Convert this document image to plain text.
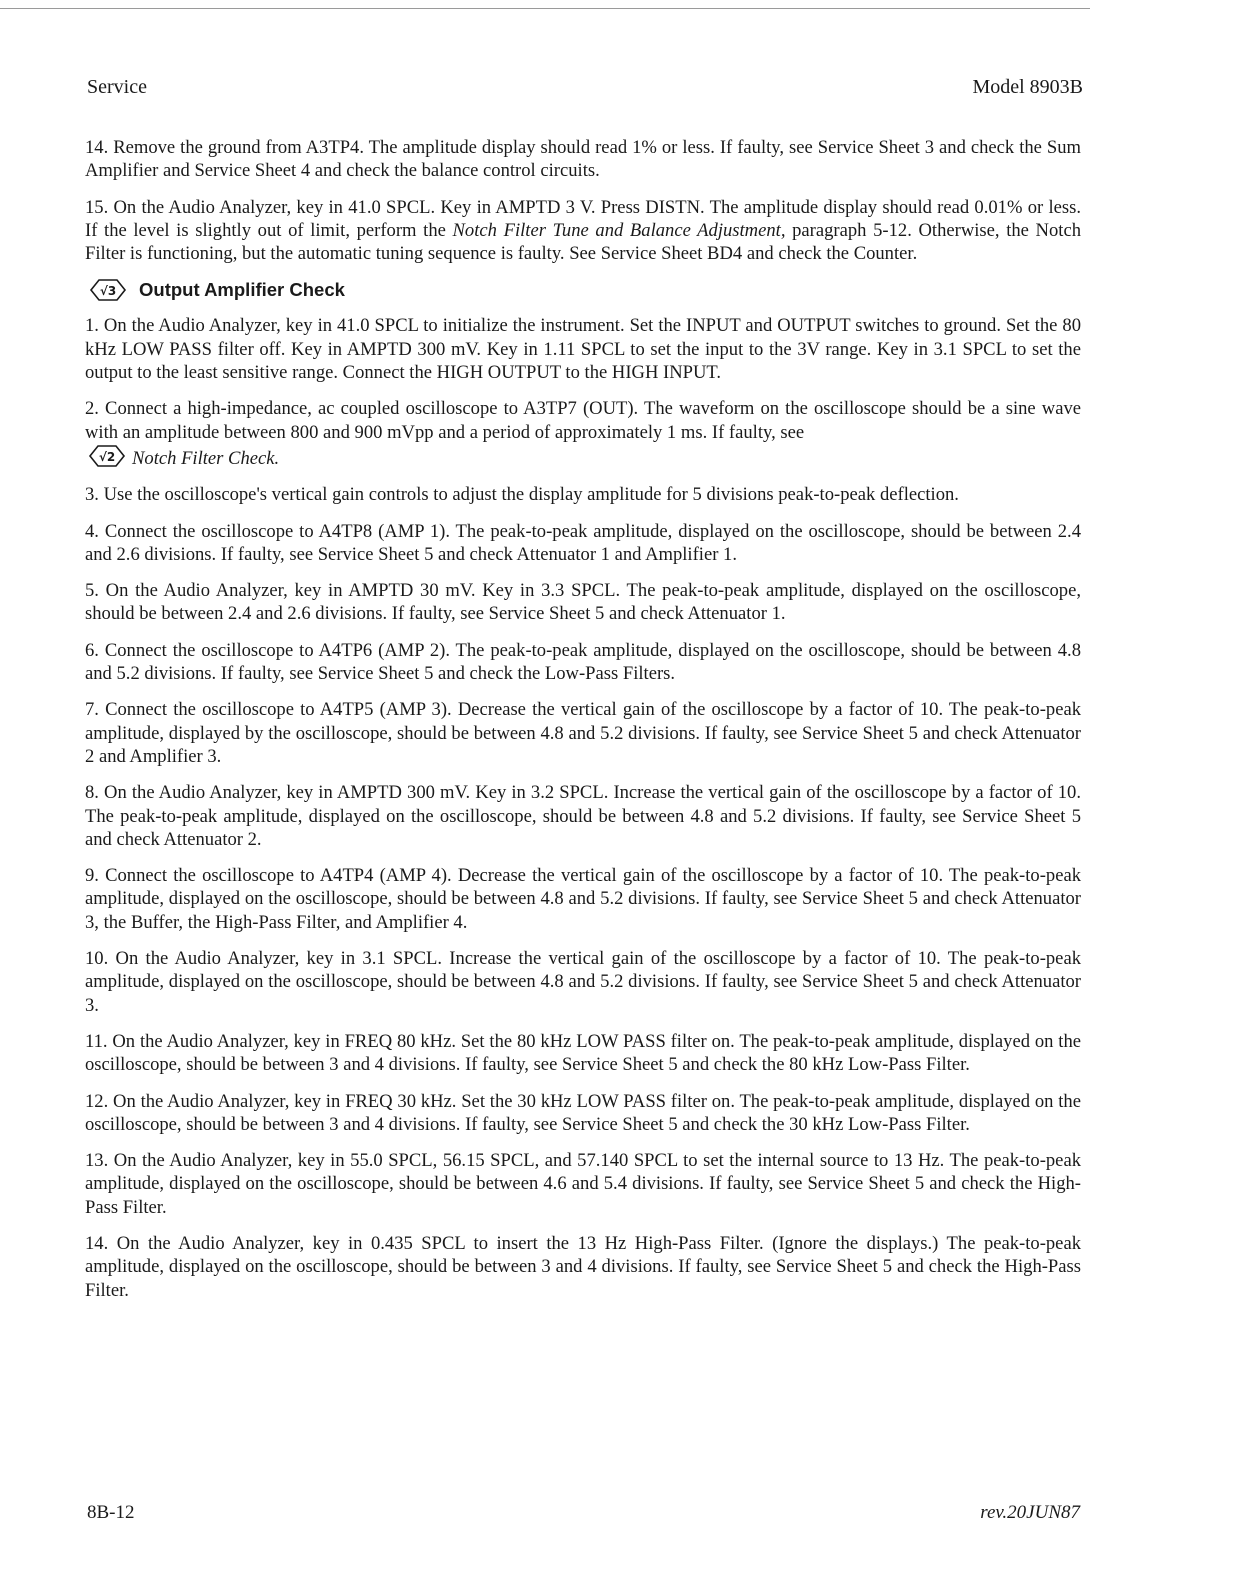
Service	Model 8903B

14. Remove the ground from A3TP4. The amplitude display should read 1% or less. If faulty, see Service Sheet 3 and check the Sum Amplifier and Service Sheet 4 and check the balance control circuits.

15. On the Audio Analyzer, key in 41.0 SPCL. Key in AMPTD 3 V. Press DISTN. The amplitude display should read 0.01% or less. If the level is slightly out of limit, perform the Notch Filter Tune and Balance Adjustment, paragraph 5-12. Otherwise, the Notch Filter is functioning, but the automatic tuning sequence is faulty. See Service Sheet BD4 and check the Counter.

√3 Output Amplifier Check

1. On the Audio Analyzer, key in 41.0 SPCL to initialize the instrument. Set the INPUT and OUTPUT switches to ground. Set the 80 kHz LOW PASS filter off. Key in AMPTD 300 mV. Key in 1.11 SPCL to set the input to the 3V range. Key in 3.1 SPCL to set the output to the least sensitive range. Connect the HIGH OUTPUT to the HIGH INPUT.

2. Connect a high-impedance, ac coupled oscilloscope to A3TP7 (OUT). The waveform on the oscilloscope should be a sine wave with an amplitude between 800 and 900 mVpp and a period of approximately 1 ms. If faulty, see

√2 Notch Filter Check.

3. Use the oscilloscope's vertical gain controls to adjust the display amplitude for 5 divisions peak-to-peak deflection.

4. Connect the oscilloscope to A4TP8 (AMP 1). The peak-to-peak amplitude, displayed on the oscilloscope, should be between 2.4 and 2.6 divisions. If faulty, see Service Sheet 5 and check Attenuator 1 and Amplifier 1.

5. On the Audio Analyzer, key in AMPTD 30 mV. Key in 3.3 SPCL. The peak-to-peak amplitude, displayed on the oscilloscope, should be between 2.4 and 2.6 divisions. If faulty, see Service Sheet 5 and check Attenuator 1.

6. Connect the oscilloscope to A4TP6 (AMP 2). The peak-to-peak amplitude, displayed on the oscilloscope, should be between 4.8 and 5.2 divisions. If faulty, see Service Sheet 5 and check the Low-Pass Filters.

7. Connect the oscilloscope to A4TP5 (AMP 3). Decrease the vertical gain of the oscilloscope by a factor of 10. The peak-to-peak amplitude, displayed by the oscilloscope, should be between 4.8 and 5.2 divisions. If faulty, see Service Sheet 5 and check Attenuator 2 and Amplifier 3.

8. On the Audio Analyzer, key in AMPTD 300 mV. Key in 3.2 SPCL. Increase the vertical gain of the oscilloscope by a factor of 10. The peak-to-peak amplitude, displayed on the oscilloscope, should be between 4.8 and 5.2 divisions. If faulty, see Service Sheet 5 and check Attenuator 2.

9. Connect the oscilloscope to A4TP4 (AMP 4). Decrease the vertical gain of the oscilloscope by a factor of 10. The peak-to-peak amplitude, displayed on the oscilloscope, should be between 4.8 and 5.2 divisions. If faulty, see Service Sheet 5 and check Attenuator 3, the Buffer, the High-Pass Filter, and Amplifier 4.

10. On the Audio Analyzer, key in 3.1 SPCL. Increase the vertical gain of the oscilloscope by a factor of 10. The peak-to-peak amplitude, displayed on the oscilloscope, should be between 4.8 and 5.2 divisions. If faulty, see Service Sheet 5 and check Attenuator 3.

11. On the Audio Analyzer, key in FREQ 80 kHz. Set the 80 kHz LOW PASS filter on. The peak-to-peak amplitude, displayed on the oscilloscope, should be between 3 and 4 divisions. If faulty, see Service Sheet 5 and check the 80 kHz Low-Pass Filter.

12. On the Audio Analyzer, key in FREQ 30 kHz. Set the 30 kHz LOW PASS filter on. The peak-to-peak amplitude, displayed on the oscilloscope, should be between 3 and 4 divisions. If faulty, see Service Sheet 5 and check the 30 kHz Low-Pass Filter.

13. On the Audio Analyzer, key in 55.0 SPCL, 56.15 SPCL, and 57.140 SPCL to set the internal source to 13 Hz. The peak-to-peak amplitude, displayed on the oscilloscope, should be between 4.6 and 5.4 divisions. If faulty, see Service Sheet 5 and check the High-Pass Filter.

14. On the Audio Analyzer, key in 0.435 SPCL to insert the 13 Hz High-Pass Filter. (Ignore the displays.) The peak-to-peak amplitude, displayed on the oscilloscope, should be between 3 and 4 divisions. If faulty, see Service Sheet 5 and check the High-Pass Filter.

8B-12	rev.20JUN87
